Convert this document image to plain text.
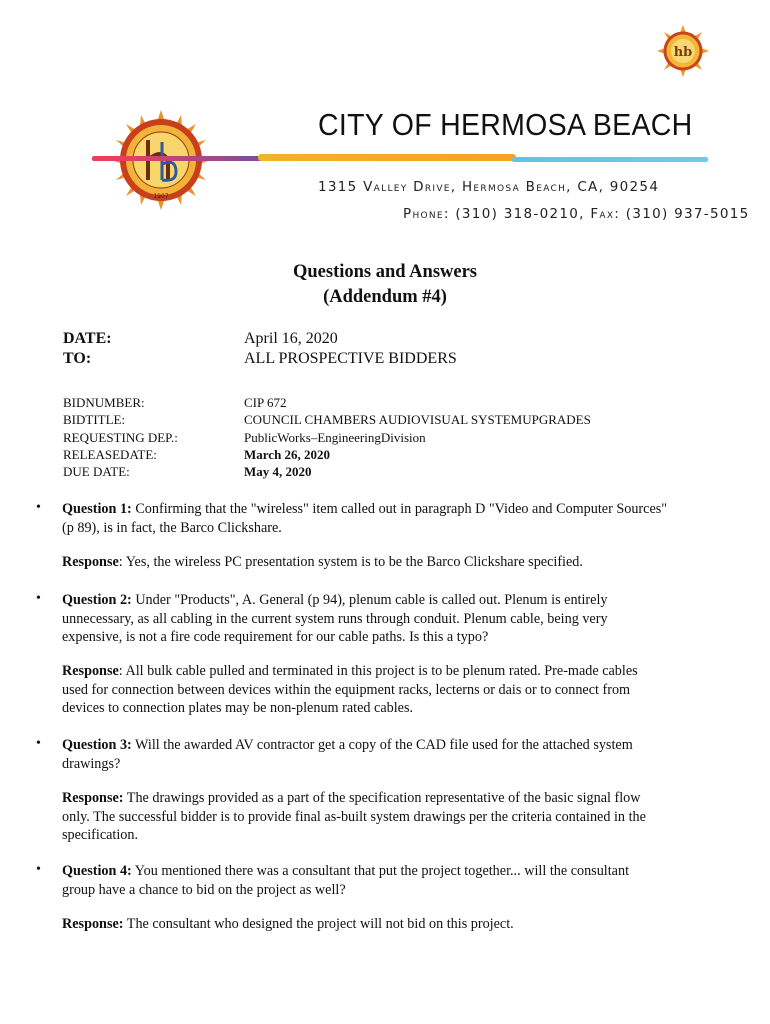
hb
1907
CITY OF HERMOSA BEACH
1315 Valley Drive, Hermosa Beach, CA, 90254
Phone: (310) 318-0210, Fax: (310) 937-5015
Questions and Answers
(Addendum #4)
DATE:	April 16, 2020
TO:	ALL PROSPECTIVE BIDDERS
BIDNUMBER:	CIP 672
BIDTITLE:	COUNCIL CHAMBERS AUDIOVISUAL SYSTEMUPGRADES
REQUESTING DEP.:	PublicWorks–EngineeringDivision
RELEASEDATE:	March 26, 2020
DUE DATE:	May 4, 2020
• Question 1: Confirming that the "wireless" item called out in paragraph D "Video and Computer Sources"
(p 89), is in fact, the Barco Clickshare.
Response: Yes, the wireless PC presentation system is to be the Barco Clickshare specified.
• Question 2: Under "Products", A. General (p 94), plenum cable is called out. Plenum is entirely
unnecessary, as all cabling in the current system runs through conduit. Plenum cable, being very
expensive, is not a fire code requirement for our cable paths. Is this a typo?
Response: All bulk cable pulled and terminated in this project is to be plenum rated. Pre-made cables
used for connection between devices within the equipment racks, lecterns or dais or to connect from
devices to connection plates may be non-plenum rated cables.
• Question 3: Will the awarded AV contractor get a copy of the CAD file used for the attached system
drawings?
Response: The drawings provided as a part of the specification representative of the basic signal flow
only. The successful bidder is to provide final as-built system drawings per the criteria contained in the
specification.
• Question 4: You mentioned there was a consultant that put the project together... will the consultant
group have a chance to bid on the project as well?
Response: The consultant who designed the project will not bid on this project.
